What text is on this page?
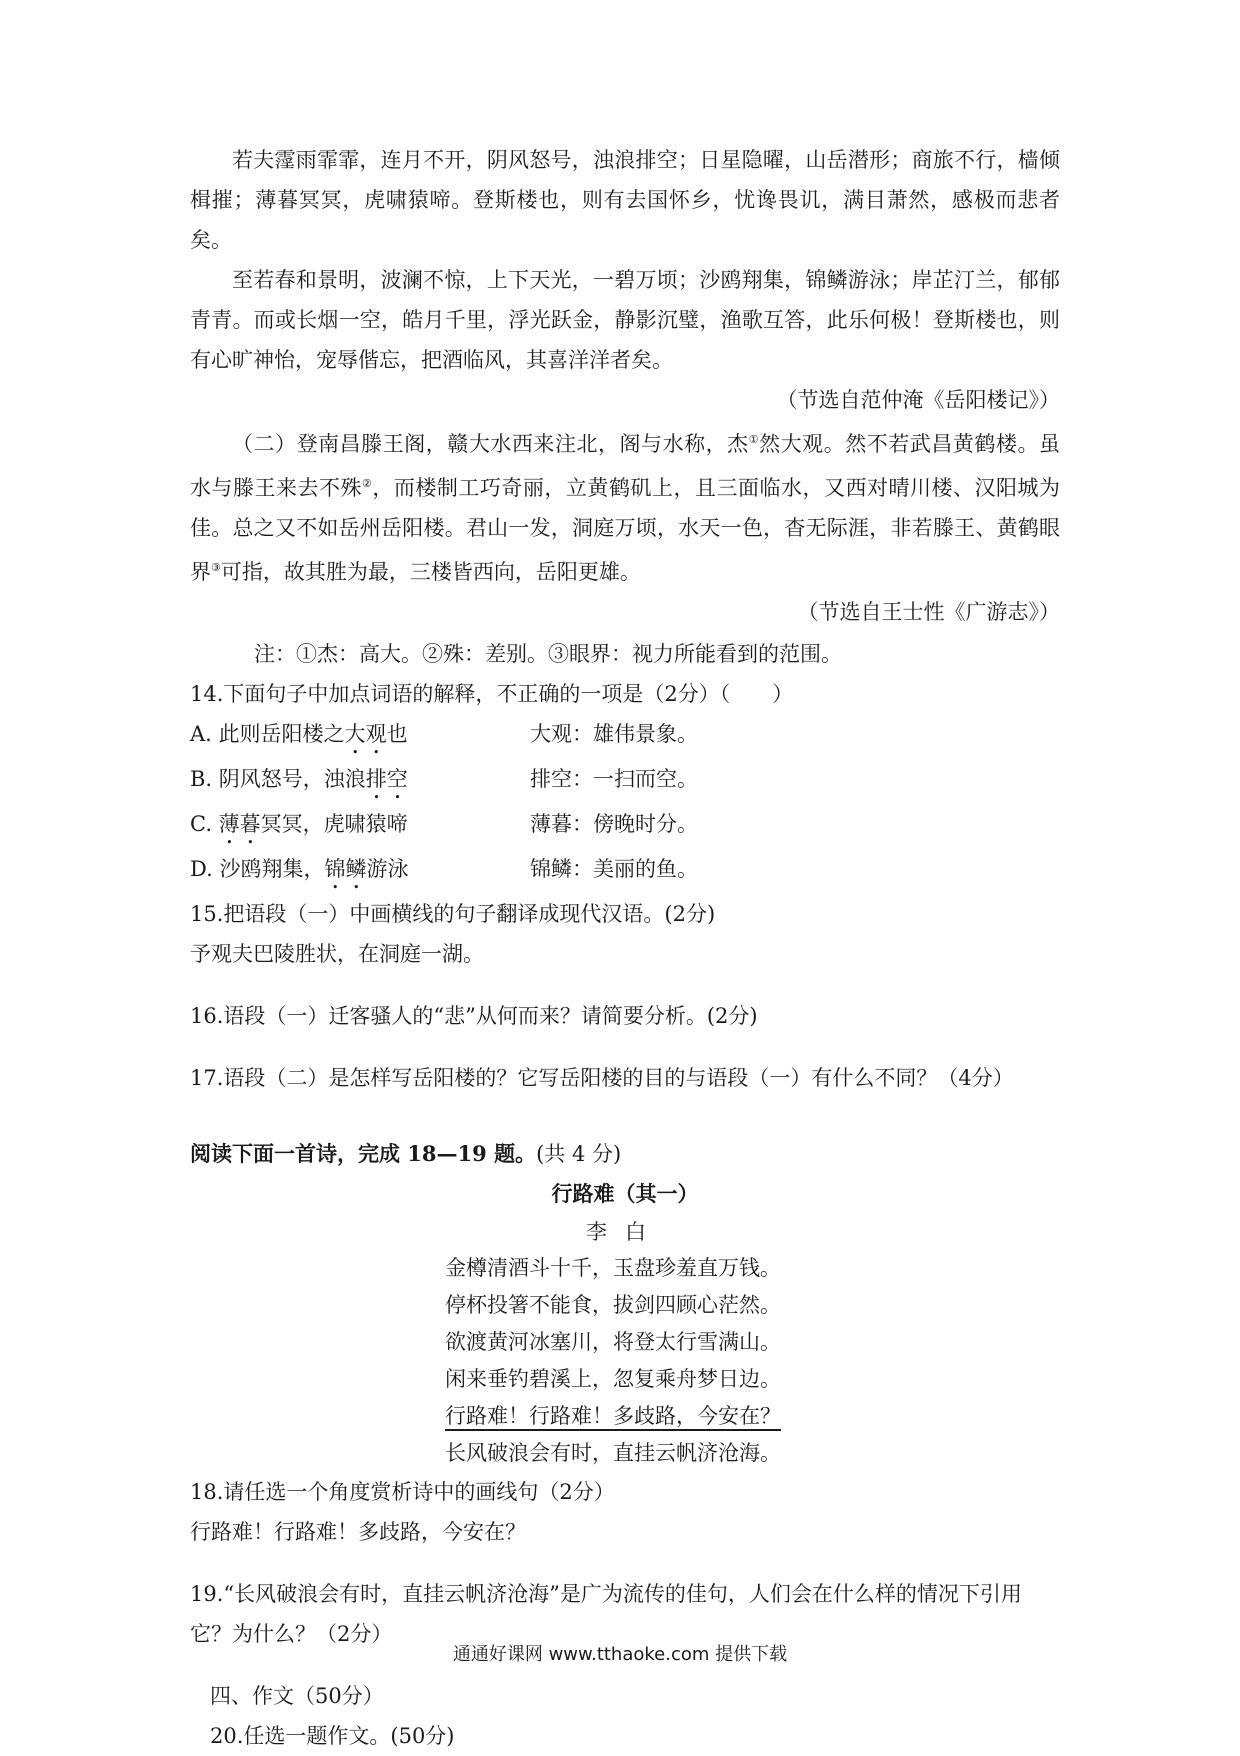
若夫霪雨霏霏，连月不开，阴风怒号，浊浪排空；日星隐曜，山岳潜形；商旅不行，樯倾楫摧；薄暮冥冥，虎啸猿啼。登斯楼也，则有去国怀乡，忧谗畏讥，满目萧然，感极而悲者矣。

至若春和景明，波澜不惊，上下天光，一碧万顷；沙鸥翔集，锦鳞游泳；岸芷汀兰，郁郁青青。而或长烟一空，皓月千里，浮光跃金，静影沉璧，渔歌互答，此乐何极！登斯楼也，则有心旷神怡，宠辱偕忘，把酒临风，其喜洋洋者矣。

（节选自范仲淹《岳阳楼记》）

（二）登南昌滕王阁，赣大水西来注北，阁与水称，杰①然大观。然不若武昌黄鹤楼。虽水与滕王来去不殊②，而楼制工巧奇丽，立黄鹤矶上，且三面临水，又西对晴川楼、汉阳城为佳。总之又不如岳州岳阳楼。君山一发，洞庭万顷，水天一色，杳无际涯，非若滕王、黄鹤眼界③可指，故其胜为最，三楼皆西向，岳阳更雄。

（节选自王士性《广游志》）

注：①杰：高大。②殊：差别。③眼界：视力所能看到的范围。

14.下面句子中加点词语的解释，不正确的一项是（2分）（　　）

A. 此则岳阳楼之大观也	大观：雄伟景象。
B. 阴风怒号，浊浪排空	排空：一扫而空。
C. 薄暮冥冥，虎啸猿啼	薄暮：傍晚时分。
D. 沙鸥翔集，锦鳞游泳	锦鳞：美丽的鱼。

15.把语段（一）中画横线的句子翻译成现代汉语。(2分)

予观夫巴陵胜状，在洞庭一湖。

16.语段（一）迁客骚人的“悲”从何而来？请简要分析。(2分)

17.语段（二）是怎样写岳阳楼的？它写岳阳楼的目的与语段（一）有什么不同？（4分）

阅读下面一首诗，完成 18—19 题。(共 4 分)

行路难（其一）
李白
金樽清酒斗十千，玉盘珍羞直万钱。
停杯投箸不能食，拔剑四顾心茫然。
欲渡黄河冰塞川，将登太行雪满山。
闲来垂钓碧溪上，忽复乘舟梦日边。
行路难！行路难！多歧路，今安在？
长风破浪会有时，直挂云帆济沧海。

18.请任选一个角度赏析诗中的画线句（2分）

行路难！行路难！多歧路，今安在？

19.“长风破浪会有时，直挂云帆济沧海”是广为流传的佳句，人们会在什么样的情况下引用它？为什么？（2分）

四、作文（50分）

20.任选一题作文。(50分)

通通好课网 www.tthaoke.com 提供下载
